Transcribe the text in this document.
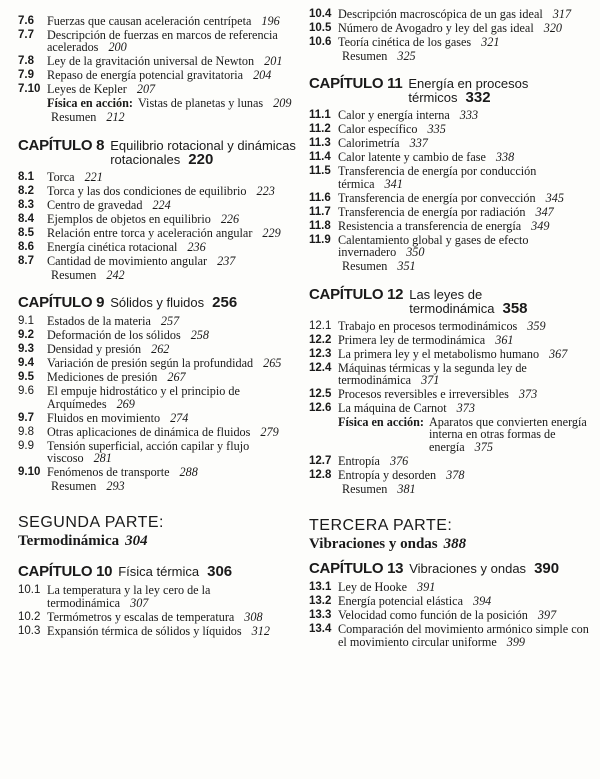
7.6	Fuerzas que causan aceleración centrípeta 196
7.7	Descripción de fuerzas en marcos de referencia acelerados 200
7.8	Ley de la gravitación universal de Newton 201
7.9	Repaso de energía potencial gravitatoria 204
7.10 Leyes de Kepler 207
Física en acción: Vistas de planetas y lunas 209
Resumen 212
CAPÍTULO 8 Equilibrio rotacional y dinámicas rotacionales 220
8.1	Torca 221
8.2	Torca y las dos condiciones de equilibrio 223
8.3	Centro de gravedad 224
8.4	Ejemplos de objetos en equilibrio 226
8.5	Relación entre torca y aceleración angular 229
8.6	Energía cinética rotacional 236
8.7	Cantidad de movimiento angular 237
Resumen 242
CAPÍTULO 9 Sólidos y fluidos 256
9.1	Estados de la materia 257
9.2	Deformación de los sólidos 258
9.3	Densidad y presión 262
9.4	Variación de presión según la profundidad 265
9.5	Mediciones de presión 267
9.6	El empuje hidrostático y el principio de Arquímedes 269
9.7	Fluidos en movimiento 274
9.8	Otras aplicaciones de dinámica de fluidos 279
9.9	Tensión superficial, acción capilar y flujo viscoso 281
9.10 Fenómenos de transporte 288
Resumen 293
SEGUNDA PARTE:
Termodinámica 304
CAPÍTULO 10 Física térmica 306
10.1 La temperatura y la ley cero de la termodinámica 307
10.2 Termómetros y escalas de temperatura 308
10.3 Expansión térmica de sólidos y líquidos 312
10.4 Descripción macroscópica de un gas ideal 317
10.5 Número de Avogadro y ley del gas ideal 320
10.6 Teoría cinética de los gases 321
Resumen 325
CAPÍTULO 11 Energía en procesos térmicos 332
11.1 Calor y energía interna 333
11.2 Calor específico 335
11.3 Calorimetría 337
11.4 Calor latente y cambio de fase 338
11.5 Transferencia de energía por conducción térmica 341
11.6 Transferencia de energía por convección 345
11.7 Transferencia de energía por radiación 347
11.8 Resistencia a transferencia de energía 349
11.9 Calentamiento global y gases de efecto invernadero 350
Resumen 351
CAPÍTULO 12 Las leyes de termodinámica 358
12.1 Trabajo en procesos termodinámicos 359
12.2 Primera ley de termodinámica 361
12.3 La primera ley y el metabolismo humano 367
12.4 Máquinas térmicas y la segunda ley de termodinámica 371
12.5 Procesos reversibles e irreversibles 373
12.6 La máquina de Carnot 373
Física en acción: Aparatos que convierten energía interna en otras formas de energía 375
12.7 Entropía 376
12.8 Entropía y desorden 378
Resumen 381
TERCERA PARTE:
Vibraciones y ondas 388
CAPÍTULO 13 Vibraciones y ondas 390
13.1 Ley de Hooke 391
13.2 Energía potencial elástica 394
13.3 Velocidad como función de la posición 397
13.4 Comparación del movimiento armónico simple con el movimiento circular uniforme 399
